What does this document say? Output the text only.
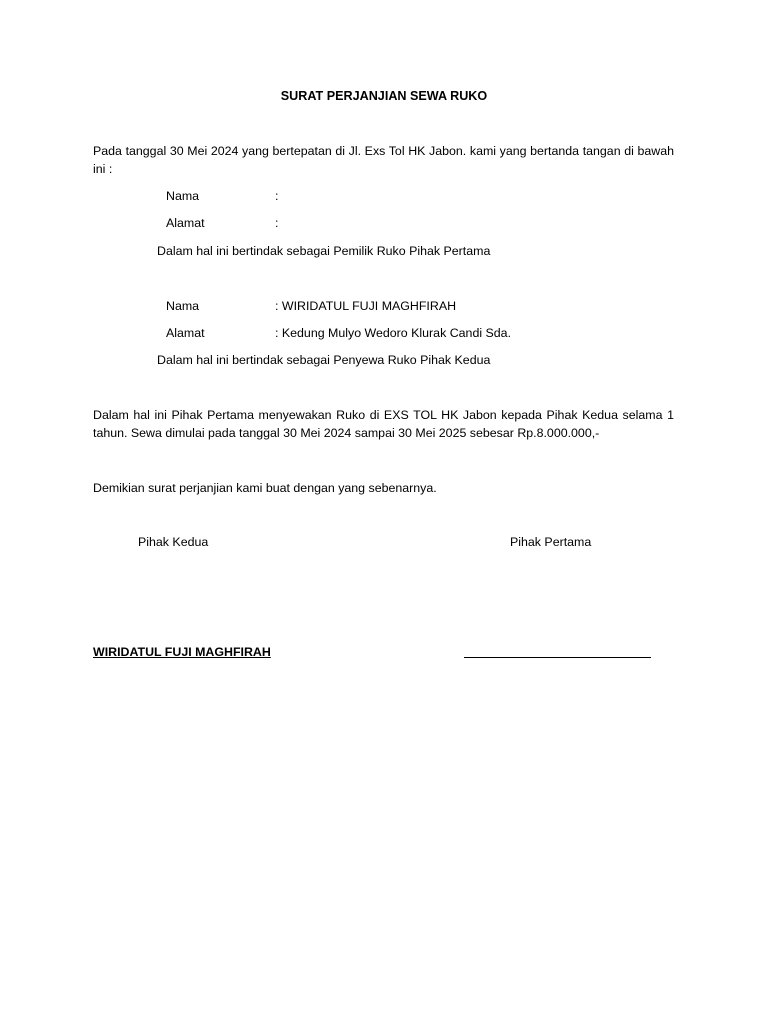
SURAT PERJANJIAN SEWA RUKO
Pada tanggal 30 Mei 2024 yang bertepatan di Jl. Exs Tol HK Jabon. kami yang bertanda tangan di bawah ini :
Nama	:
Alamat	:
Dalam hal ini bertindak sebagai Pemilik Ruko Pihak Pertama
Nama	: WIRIDATUL FUJI MAGHFIRAH
Alamat	: Kedung Mulyo Wedoro Klurak Candi Sda.
Dalam hal ini bertindak sebagai Penyewa Ruko Pihak Kedua
Dalam hal ini Pihak Pertama menyewakan Ruko di EXS TOL HK Jabon kepada Pihak Kedua selama 1 tahun. Sewa dimulai pada tanggal 30 Mei 2024 sampai 30 Mei 2025 sebesar Rp.8.000.000,-
Demikian surat perjanjian kami buat dengan yang sebenarnya.
Pihak Kedua	Pihak Pertama
WIRIDATUL FUJI MAGHFIRAH
